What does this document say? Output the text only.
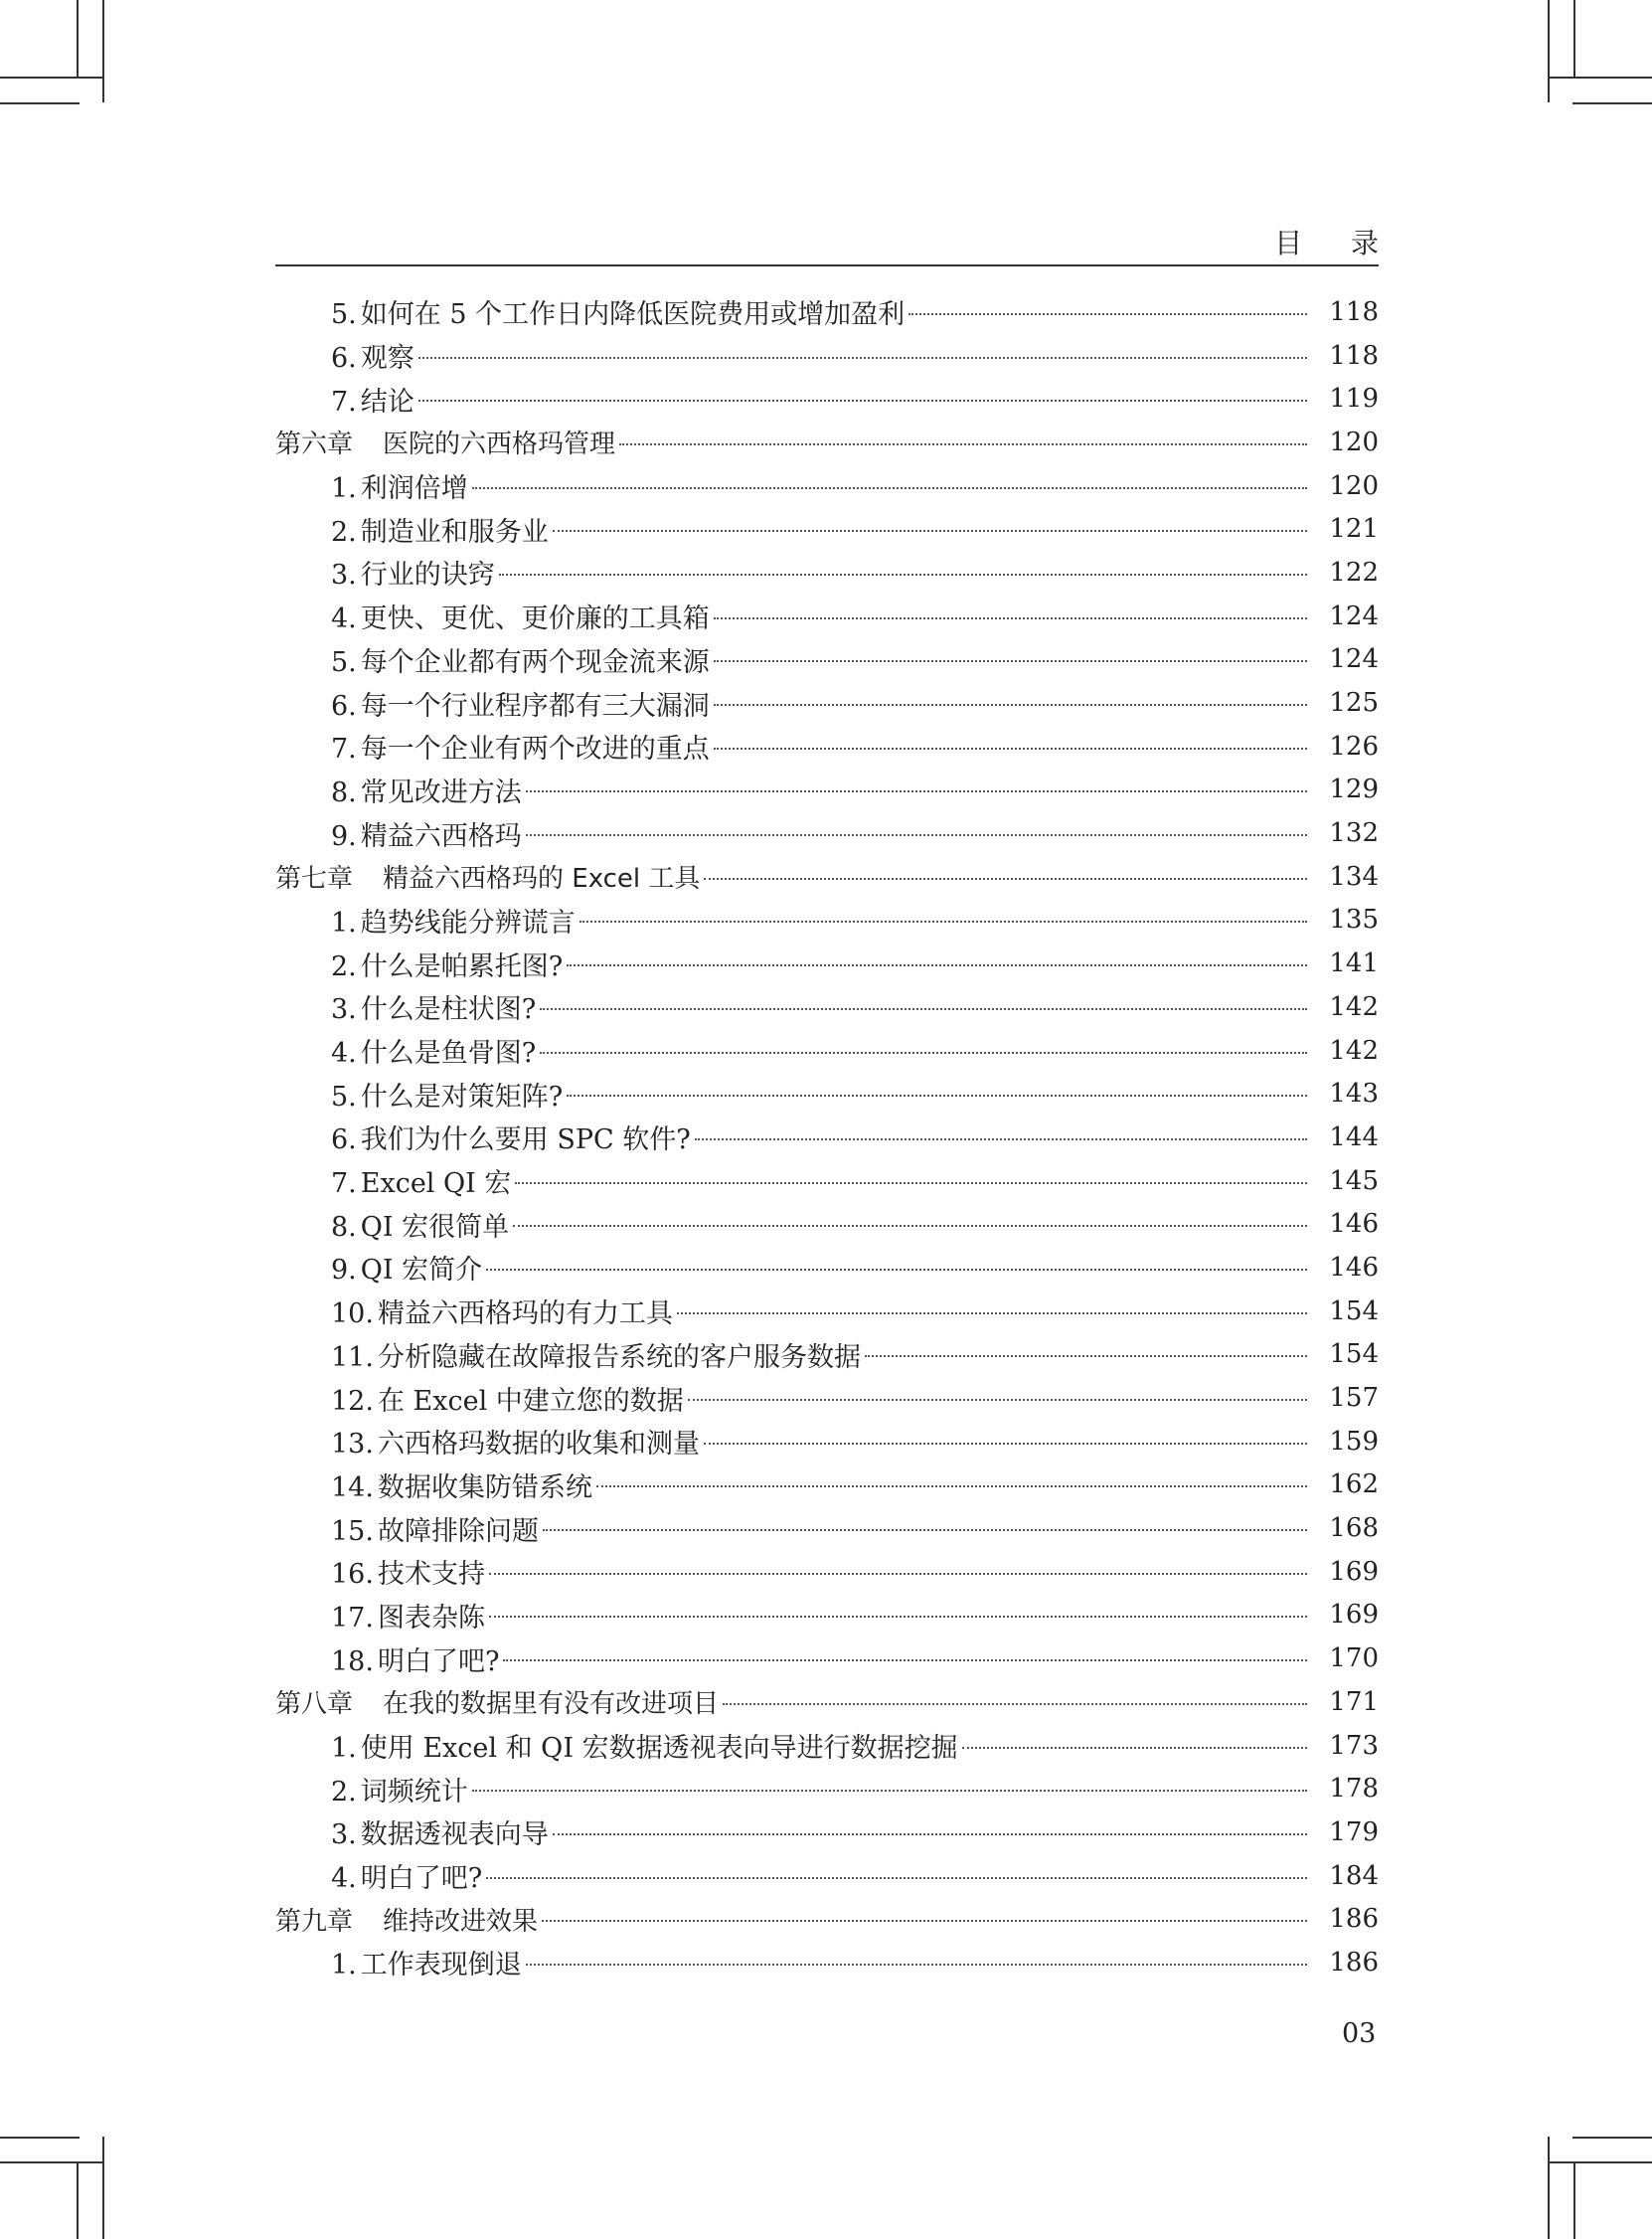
目 录
5. 如何在 5 个工作日内降低医院费用或增加盈利	118
6. 观察	118
7. 结论	119
第六章 医院的六西格玛管理	120
1. 利润倍增	120
2. 制造业和服务业	121
3. 行业的诀窍	122
4. 更快、更优、更价廉的工具箱	124
5. 每个企业都有两个现金流来源	124
6. 每一个行业程序都有三大漏洞	125
7. 每一个企业有两个改进的重点	126
8. 常见改进方法	129
9. 精益六西格玛	132
第七章 精益六西格玛的 Excel 工具	134
1. 趋势线能分辨谎言	135
2. 什么是帕累托图?	141
3. 什么是柱状图?	142
4. 什么是鱼骨图?	142
5. 什么是对策矩阵?	143
6. 我们为什么要用 SPC 软件?	144
7. Excel QI 宏	145
8. QI 宏很简单	146
9. QI 宏简介	146
10. 精益六西格玛的有力工具	154
11. 分析隐藏在故障报告系统的客户服务数据	154
12. 在 Excel 中建立您的数据	157
13. 六西格玛数据的收集和测量	159
14. 数据收集防错系统	162
15. 故障排除问题	168
16. 技术支持	169
17. 图表杂陈	169
18. 明白了吧?	170
第八章 在我的数据里有没有改进项目	171
1. 使用 Excel 和 QI 宏数据透视表向导进行数据挖掘	173
2. 词频统计	178
3. 数据透视表向导	179
4. 明白了吧?	184
第九章 维持改进效果	186
1. 工作表现倒退	186
03
